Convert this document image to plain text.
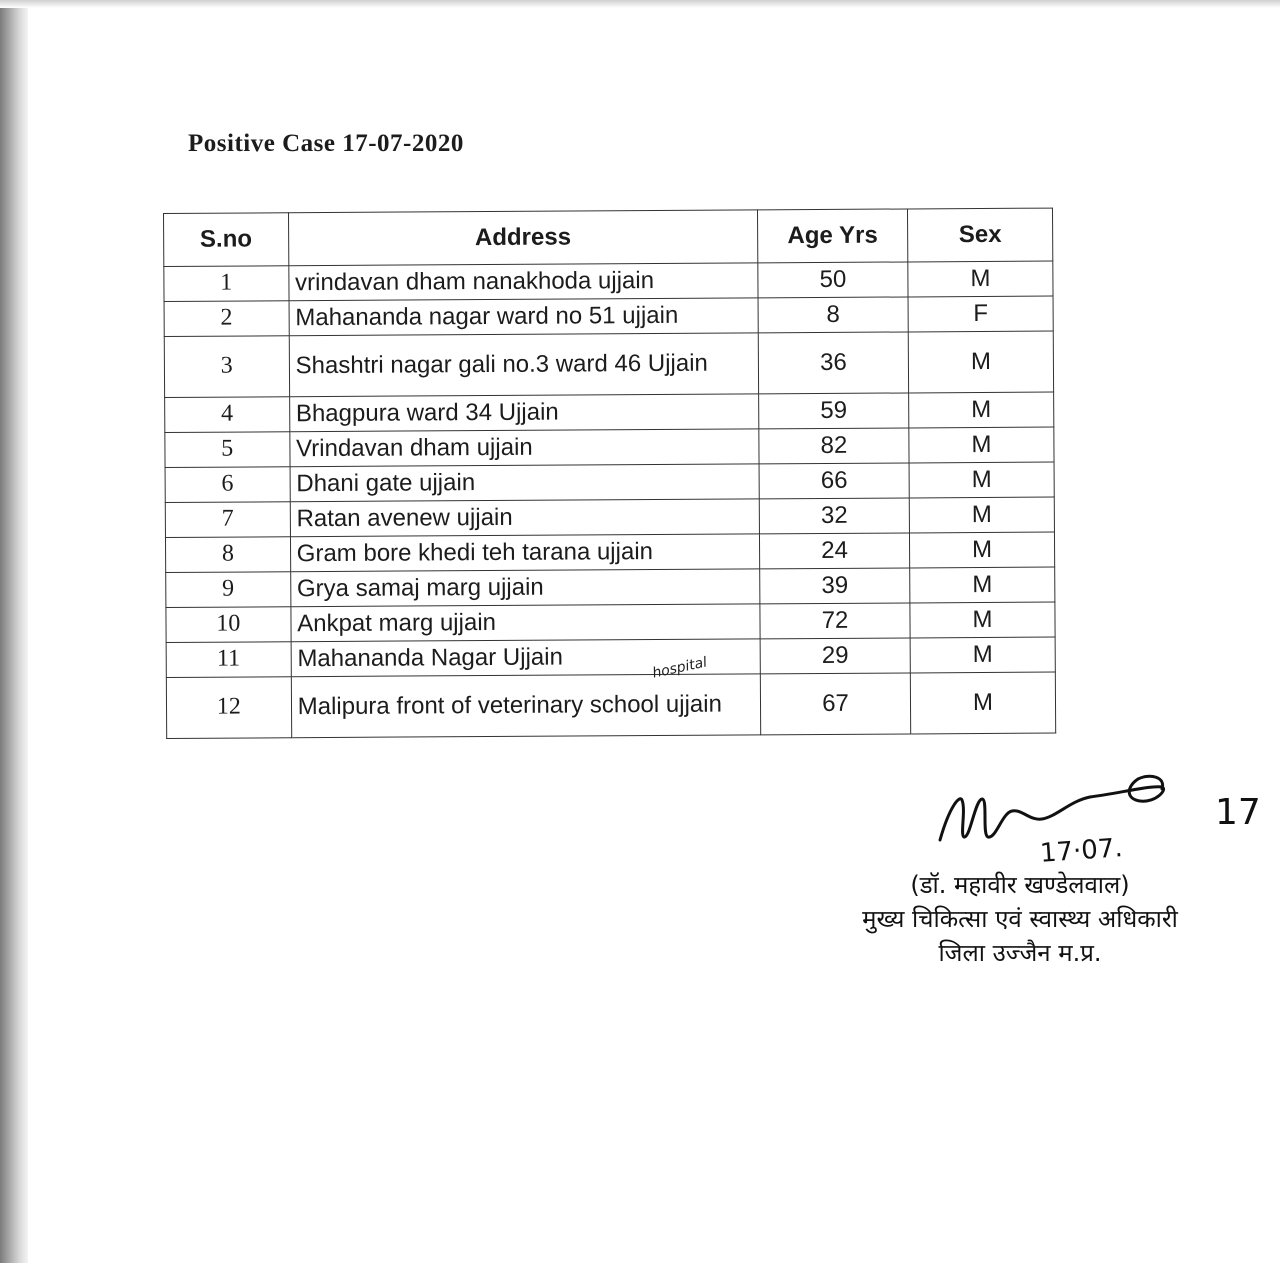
Positive Case 17-07-2020
S.no	Address	Age Yrs	Sex
1	vrindavan dham nanakhoda ujjain	50	M
2	Mahananda nagar ward no 51 ujjain	8	F
3	Shashtri nagar gali no.3 ward 46 Ujjain	36	M
4	Bhagpura ward 34 Ujjain	59	M
5	Vrindavan dham ujjain	82	M
6	Dhani gate ujjain	66	M
7	Ratan avenew ujjain	32	M
8	Gram bore khedi teh tarana ujjain	24	M
9	Grya samaj marg ujjain	39	M
10	Ankpat marg ujjain	72	M
11	Mahananda Nagar Ujjain	29	M
12	Malipura front of veterinary school ujjain	67	M
hospital
17·07.
17
(डॉ. महावीर खण्डेलवाल)
मुख्य चिकित्सा एवं स्वास्थ्य अधिकारी
जिला उज्जैन म.प्र.
